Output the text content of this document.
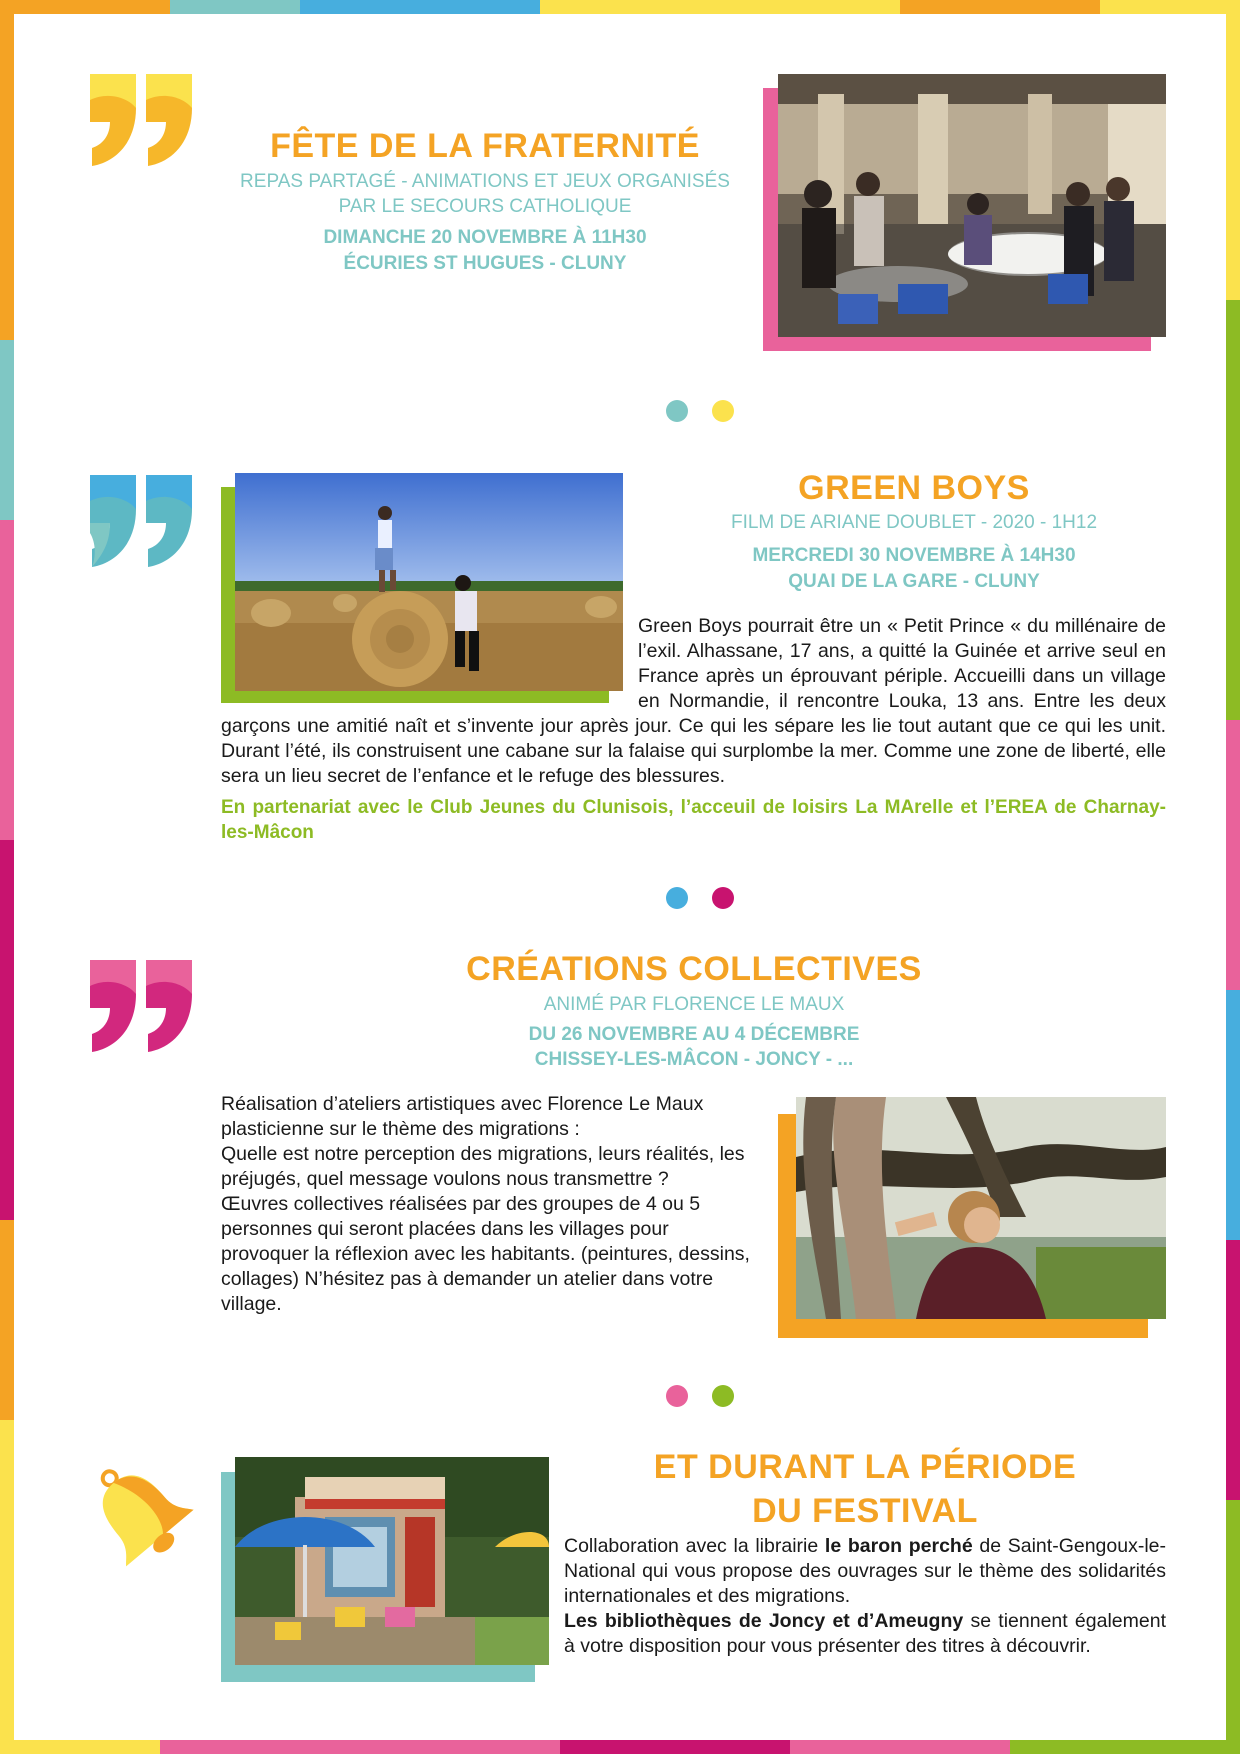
FÊTE DE LA FRATERNITÉ

REPAS PARTAGÉ - ANIMATIONS ET JEUX ORGANISÉS

PAR LE SECOURS CATHOLIQUE

DIMANCHE 20 NOVEMBRE À 11H30

ÉCURIES ST HUGUES - CLUNY

GREEN BOYS

FILM DE ARIANE DOUBLET - 2020 - 1H12

MERCREDI 30 NOVEMBRE À 14H30

QUAI DE LA GARE - CLUNY

Green Boys pourrait être un « Petit Prince « du millénaire de l’exil. Alhassane, 17 ans, a quitté la Guinée et arrive seul en France après un éprouvant périple. Accueilli dans un village en Normandie, il rencontre Louka, 13 ans. Entre les deux garçons une amitié naît et s’invente jour après jour. Ce qui les sépare les lie tout autant que ce qui les unit. Durant l’été, ils construisent une cabane sur la falaise qui surplombe la mer. Comme une zone de liberté, elle sera un lieu secret de l’enfance et le refuge des blessures.

En partenariat avec le Club Jeunes du Clunisois, l’acceuil de loisirs La MArelle et l’EREA de Charnay-les-Mâcon

CRÉATIONS COLLECTIVES

ANIMÉ PAR FLORENCE LE MAUX

DU 26 NOVEMBRE AU 4 DÉCEMBRE

CHISSEY-LES-MÂCON - JONCY - ...

Réalisation d’ateliers artistiques avec Florence Le Maux plasticienne sur le thème des migrations :
Quelle est notre perception des migrations, leurs réalités, les préjugés, quel message voulons nous transmettre ?
Œuvres collectives réalisées par des groupes de 4 ou 5 personnes qui seront placées dans les villages pour provoquer la réflexion avec les habitants. (peintures, dessins, collages) N’hésitez pas à demander un atelier dans votre village.

ET DURANT LA PÉRIODE

DU FESTIVAL

Collaboration avec la librairie le baron perché de Saint-Gengoux-le-National qui vous propose des ouvrages sur le thème des solidarités internationales et des migrations.

Les bibliothèques de Joncy et d’Ameugny se tiennent également à votre disposition pour vous présenter des titres à découvrir.
